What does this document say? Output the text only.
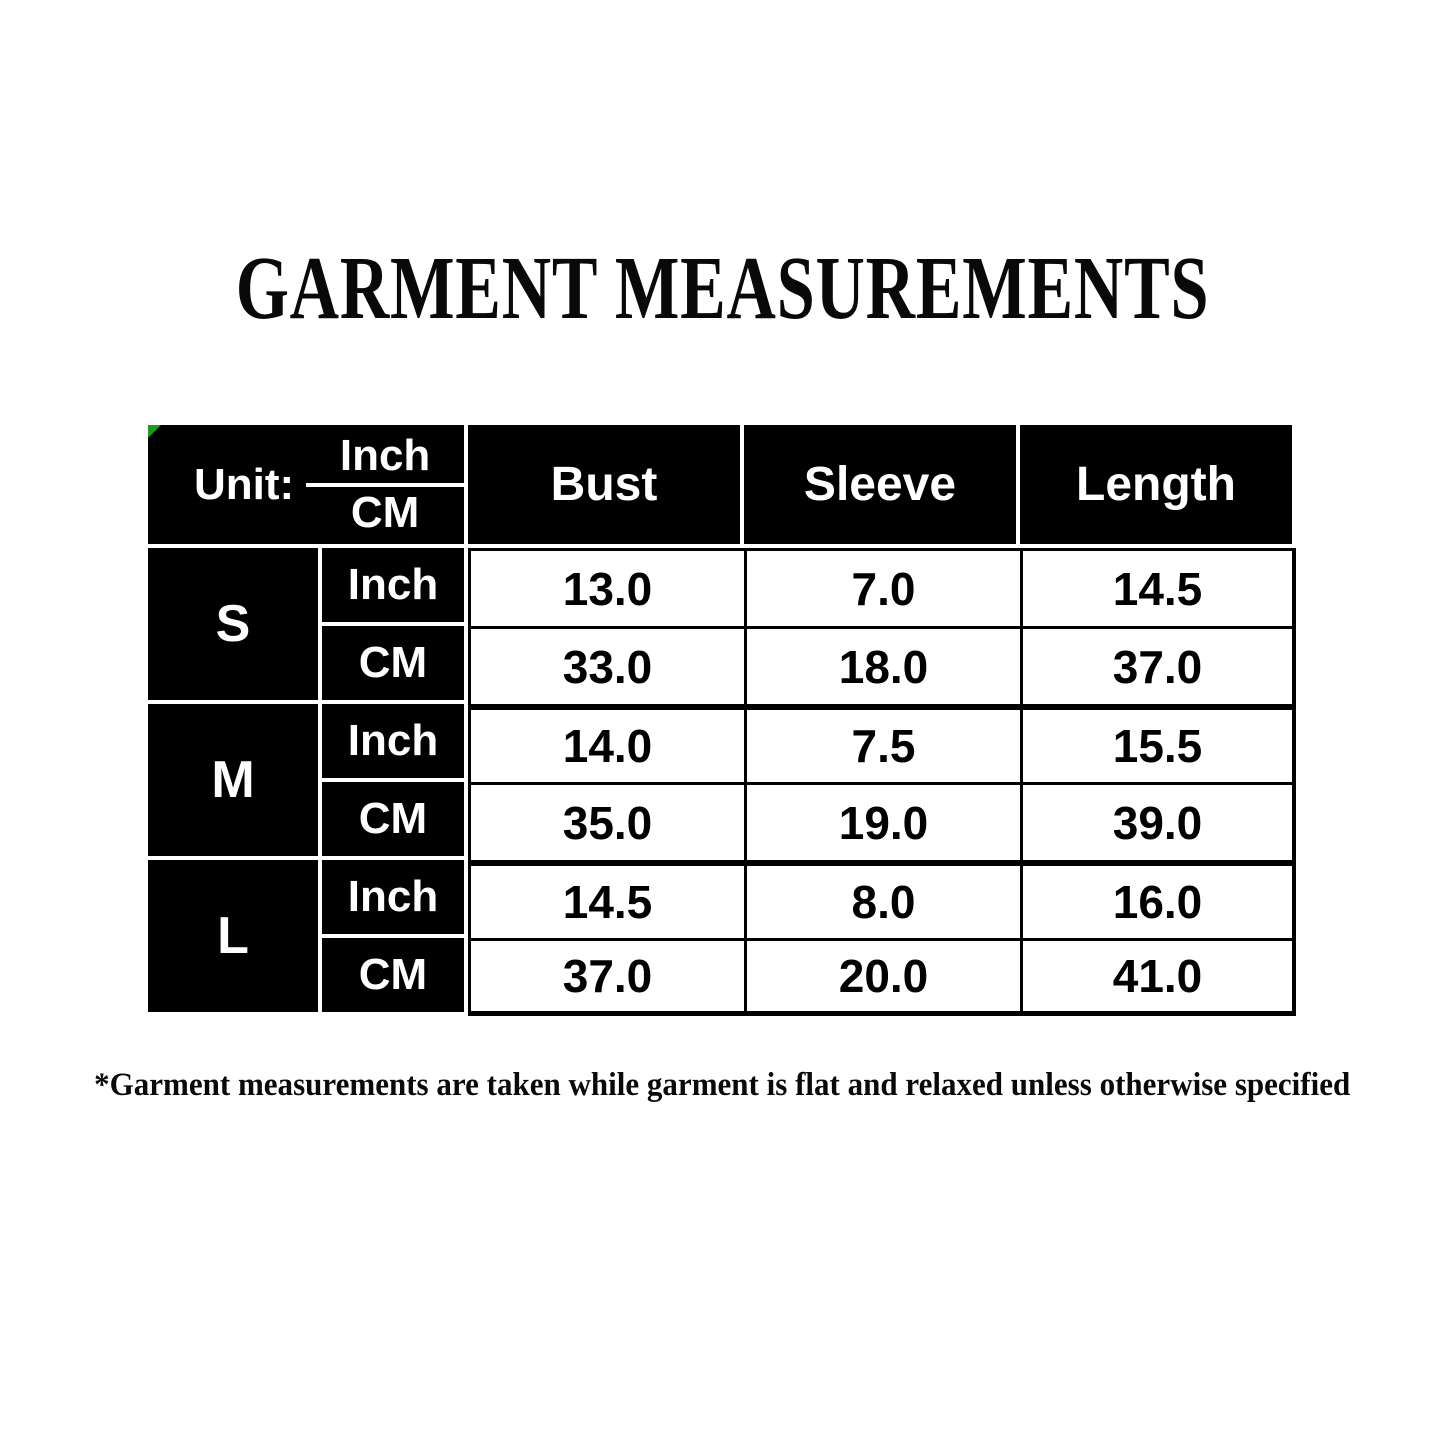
GARMENT MEASUREMENTS
Unit: $\frac{\text{Inch}}{CM}$	Bust	Sleeve	Length
S
Inch	13.0	7.0	14.5
CM	33.0	18.0	37.0
M
Inch	14.0	7.5	15.5
CM	35.0	19.0	39.0
L
Inch	14.5	8.0	16.0
CM	37.0	20.0	41.0
*Garment measurements are taken while garment is flat and relaxed unless otherwise specified
